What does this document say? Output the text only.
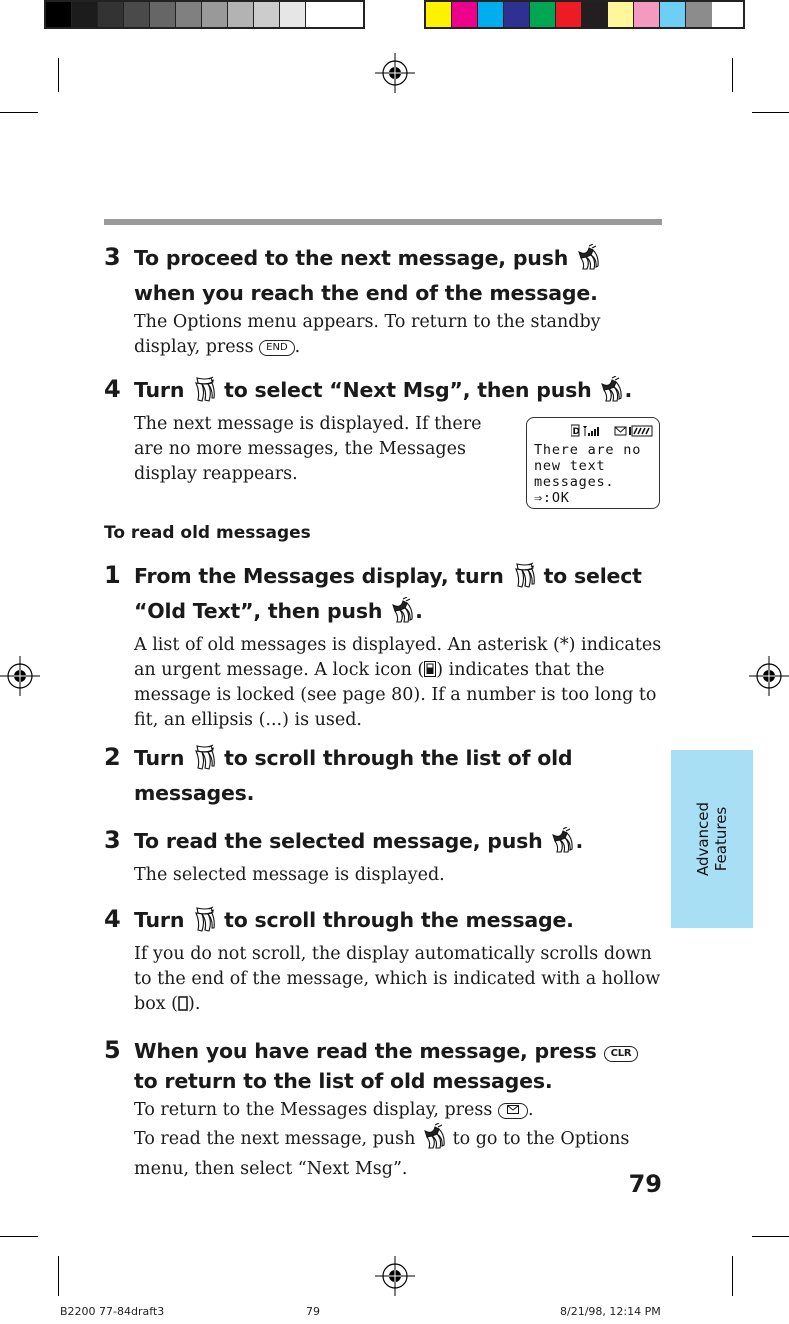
Advanced
Features
3 To proceed to the next message, push
when you reach the end of the message.
The Options menu appears. To return to the standby display, press END .
4 Turn to select “Next Msg”, then push .
The next message is displayed. If there are no more messages, the Messages display reappears.
D
There are no
new text
messages.
⇒:OK
To read old messages
1 From the Messages display, turn to select “Old Text”, then push .
A list of old messages is displayed. An asterisk (*) indicates an urgent message. A lock icon ( ) indicates that the message is locked (see page 80). If a number is too long to fit, an ellipsis (...) is used.
2 Turn to scroll through the list of old messages.
3 To read the selected message, push .
The selected message is displayed.
4 Turn to scroll through the message.
If you do not scroll, the display automatically scrolls down to the end of the message, which is indicated with a hollow box ( ).
5 When you have read the message, press CLR
to return to the list of old messages.
To return to the Messages display, press .
To read the next message, push to go to the Options menu, then select “Next Msg”.
79
B2200 77-84draft3	79	8/21/98, 12:14 PM
